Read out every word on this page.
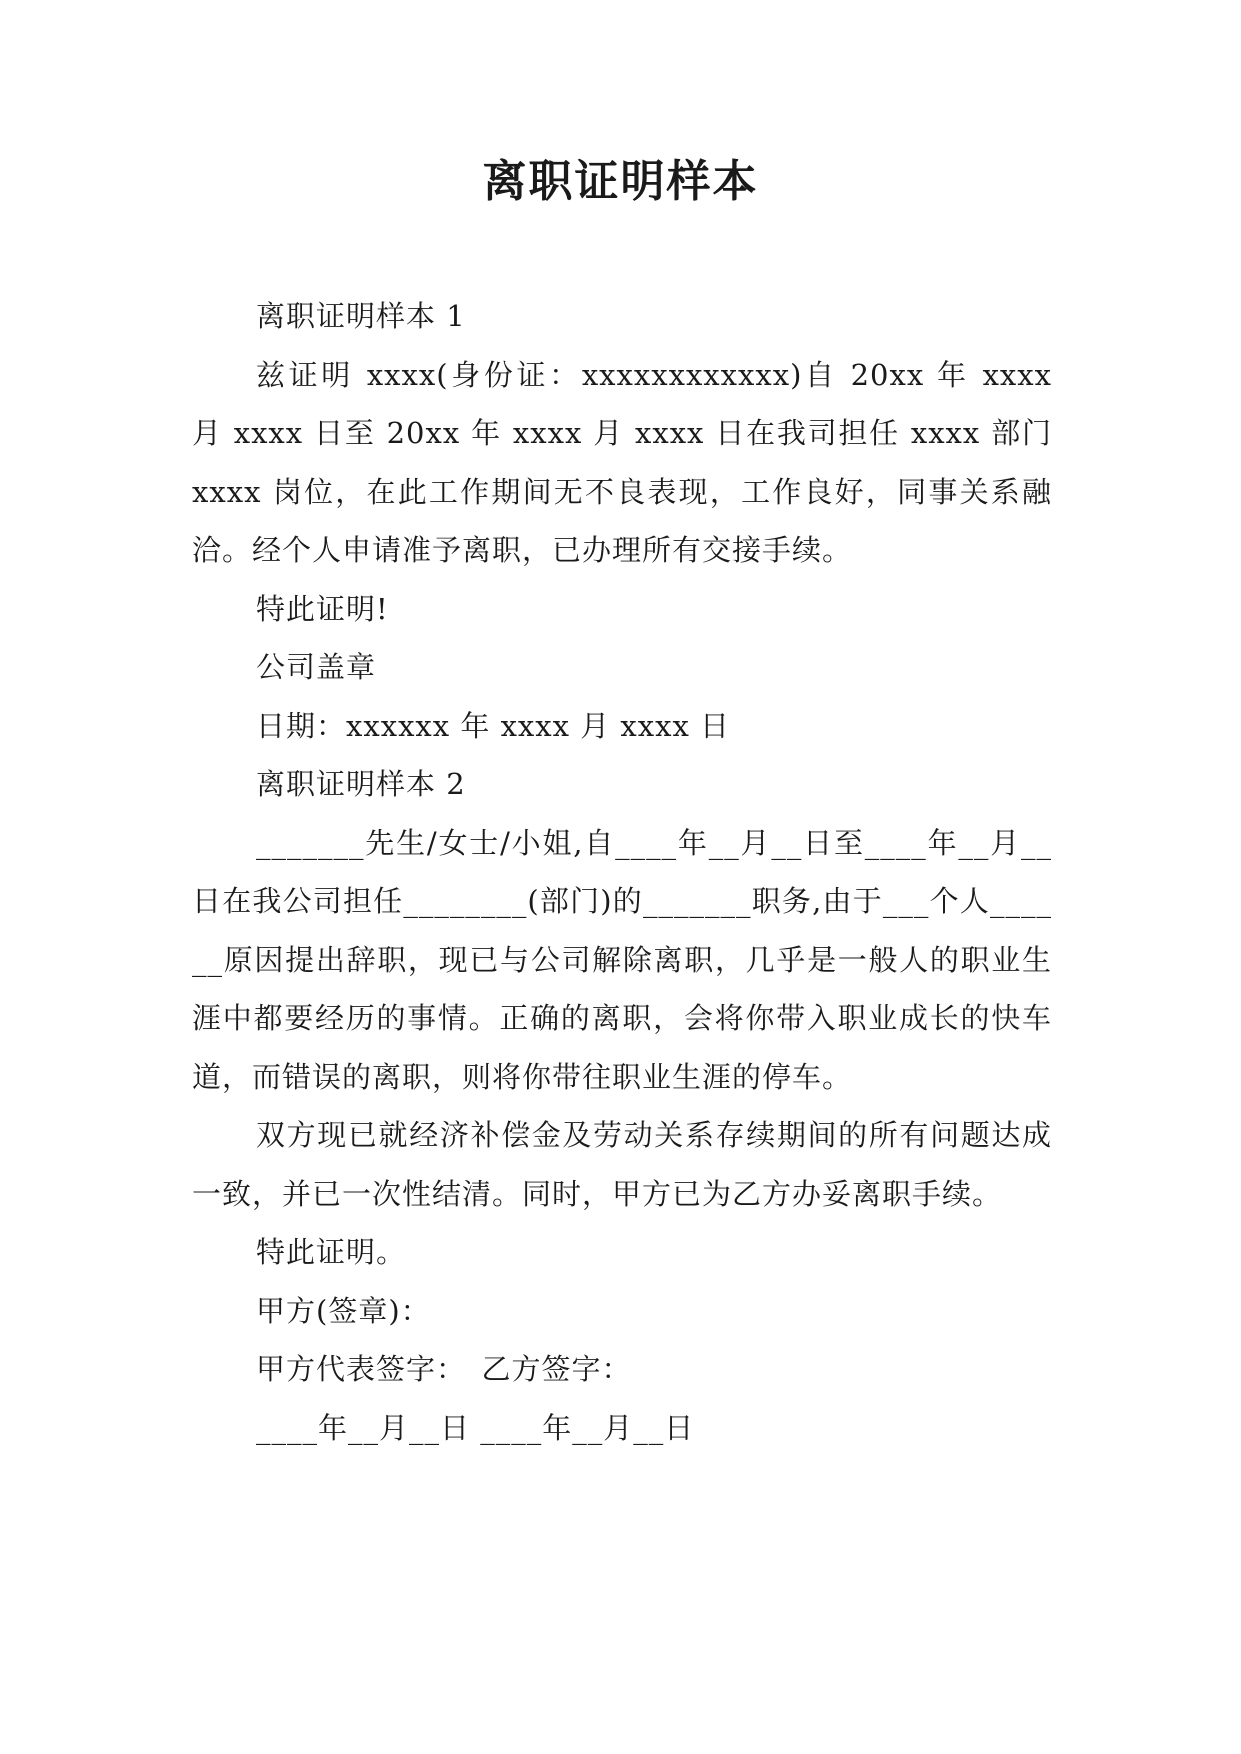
离职证明样本

离职证明样本 1

兹证明 xxxx(身份证：xxxxxxxxxxxx)自 20xx 年 xxxx 月 xxxx 日至 20xx 年 xxxx 月 xxxx 日在我司担任 xxxx 部门 xxxx 岗位，在此工作期间无不良表现，工作良好，同事关系融洽。经个人申请准予离职，已办理所有交接手续。

特此证明!

公司盖章

日期：xxxxxx 年 xxxx 月 xxxx 日

离职证明样本 2

_______先生/女士/小姐,自____年__月__日至____年__月__日在我公司担任________(部门)的_______职务,由于___个人______原因提出辞职，现已与公司解除离职，几乎是一般人的职业生涯中都要经历的事情。正确的离职，会将你带入职业成长的快车道，而错误的离职，则将你带往职业生涯的停车。

双方现已就经济补偿金及劳动关系存续期间的所有问题达成一致，并已一次性结清。同时，甲方已为乙方办妥离职手续。

特此证明。

甲方(签章)：

甲方代表签字：　乙方签字：

____年__月__日 ____年__月__日
